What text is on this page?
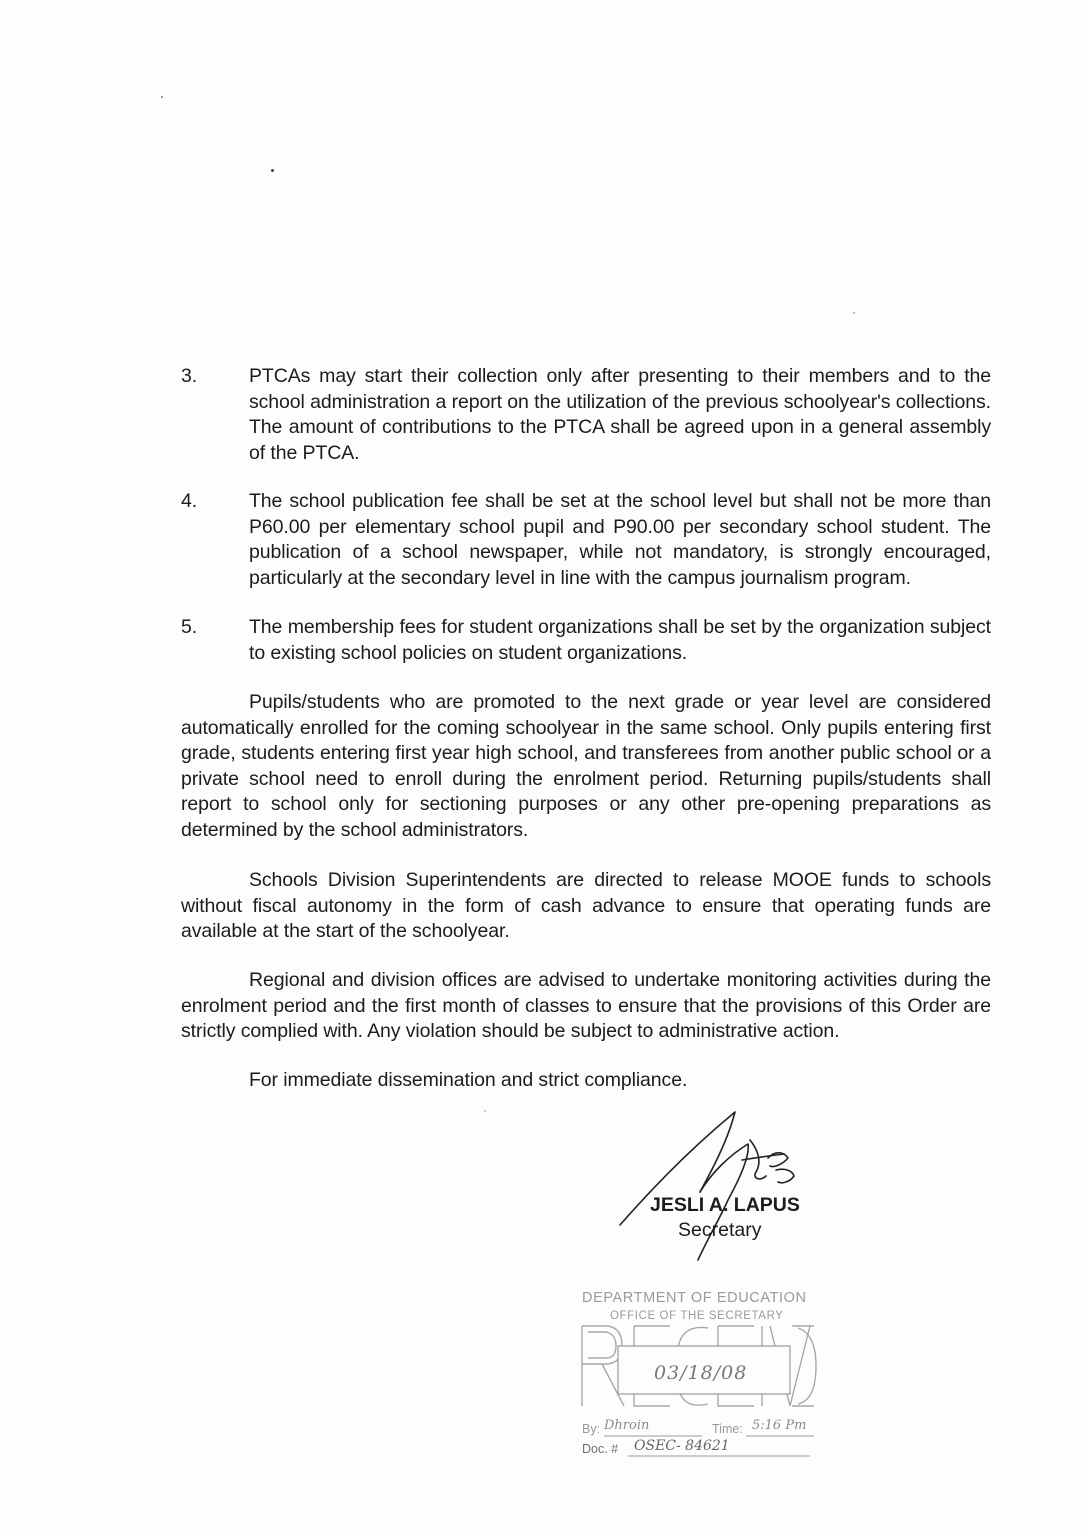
3.	PTCAs may start their collection only after presenting to their members and to the school administration a report on the utilization of the previous schoolyear's collections. The amount of contributions to the PTCA shall be agreed upon in a general assembly of the PTCA.
4.	The school publication fee shall be set at the school level but shall not be more than P60.00 per elementary school pupil and P90.00 per secondary school student. The publication of a school newspaper, while not mandatory, is strongly encouraged, particularly at the secondary level in line with the campus journalism program.
5.	The membership fees for student organizations shall be set by the organization subject to existing school policies on student organizations.
Pupils/students who are promoted to the next grade or year level are considered automatically enrolled for the coming schoolyear in the same school. Only pupils entering first grade, students entering first year high school, and transferees from another public school or a private school need to enroll during the enrolment period. Returning pupils/students shall report to school only for sectioning purposes or any other pre-opening preparations as determined by the school administrators.
Schools Division Superintendents are directed to release MOOE funds to schools without fiscal autonomy in the form of cash advance to ensure that operating funds are available at the start of the schoolyear.
Regional and division offices are advised to undertake monitoring activities during the enrolment period and the first month of classes to ensure that the provisions of this Order are strictly complied with. Any violation should be subject to administrative action.
For immediate dissemination and strict compliance.
JESLI A. LAPUS
Secretary
DEPARTMENT OF EDUCATION
OFFICE OF THE SECRETARY
03/18/08
By: Dhroin	Time: 5:16 Pm
Doc. # OSEC- 84621
